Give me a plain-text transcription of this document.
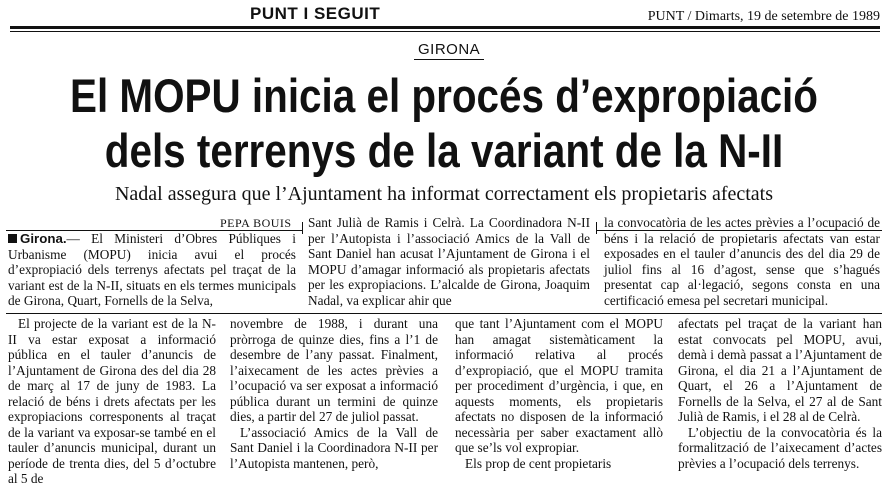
PUNT I SEGUIT	PUNT / Dimarts, 19 de setembre de 1989
GIRONA
El MOPU inicia el procés d’expropiació
dels terrenys de la variant de la N-II
Nadal assegura que l’Ajuntament ha informat correctament els propietaris afectats
PEPA BOUIS

Girona.— El Ministeri d’Obres Públiques i Urbanisme (MOPU) inicia avui el procés d’expropiació dels terrenys afectats pel traçat de la variant est de la N-II, situats en els termes municipals de Girona, Quart, Fornells de la Selva,

Sant Julià de Ramis i Celrà. La Coordinadora N-II per l’Autopista i l’associació Amics de la Vall de Sant Daniel han acusat l’Ajuntament de Girona i el MOPU d’amagar informació als propietaris afectats per les expropiacions. L’alcalde de Girona, Joaquim Nadal, va explicar ahir que

la convocatòria de les actes prèvies a l’ocupació de béns i la relació de propietaris afectats van estar exposades en el tauler d’anuncis des del dia 29 de juliol fins al 16 d’agost, sense que s’hagués presentat cap al·legació, segons consta en una certificació emesa pel secretari municipal.

El projecte de la variant est de la N-II va estar exposat a informació pública en el tauler d’anuncis de l’Ajuntament de Girona des del dia 28 de març al 17 de juny de 1983. La relació de béns i drets afectats per les expropiacions corresponents al traçat de la variant va exposar-se també en el tauler d’anuncis municipal, durant un període de trenta dies, del 5 d’octubre al 5 de

novembre de 1988, i durant una pròrroga de quinze dies, fins a l’1 de desembre de l’any passat. Finalment, l’aixecament de les actes prèvies a l’ocupació va ser exposat a informació pública durant un termini de quinze dies, a partir del 27 de juliol passat.

L’associació Amics de la Vall de Sant Daniel i la Coordinadora N-II per l’Autopista mantenen, però,

que tant l’Ajuntament com el MOPU han amagat sistemàticament la informació relativa al procés d’expropiació, que el MOPU tramita per procediment d’urgència, i que, en aquests moments, els propietaris afectats no disposen de la informació necessària per saber exactament allò que se’ls vol expropiar.

Els prop de cent propietaris

afectats pel traçat de la variant han estat convocats pel MOPU, avui, demà i demà passat a l’Ajuntament de Girona, el dia 21 a l’Ajuntament de Quart, el 26 a l’Ajuntament de Fornells de la Selva, el 27 al de Sant Julià de Ramis, i el 28 al de Celrà.

L’objectiu de la convocatòria és la formalització de l’aixecament d’actes prèvies a l’ocupació dels terrenys.
